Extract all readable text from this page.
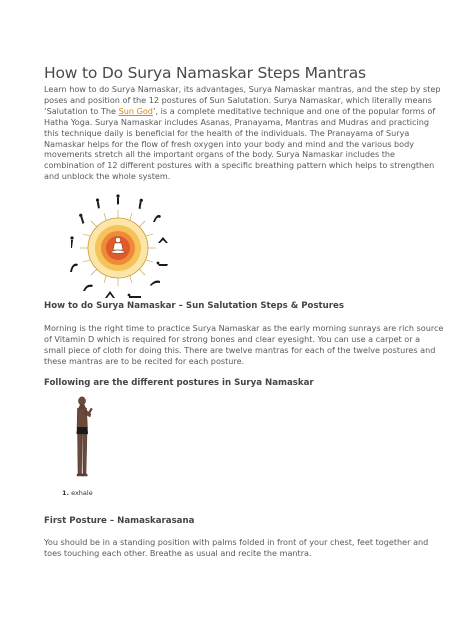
How to Do Surya Namaskar Steps Mantras

Learn how to do Surya Namaskar, its advantages, Surya Namaskar mantras, and the step by step poses and position of the 12 postures of Sun Salutation. Surya Namaskar, which literally means ‘Salutation to The Sun God’, is a complete meditative technique and one of the popular forms of Hatha Yoga. Surya Namaskar includes Asanas, Pranayama, Mantras and Mudras and practicing this technique daily is beneficial for the health of the individuals. The Pranayama of Surya Namaskar helps for the flow of fresh oxygen into your body and mind and the various body movements stretch all the important organs of the body. Surya Namaskar includes the combination of 12 different postures with a specific breathing pattern which helps to strengthen and unblock the whole system.

How to do Surya Namaskar – Sun Salutation Steps & Postures

Morning is the right time to practice Surya Namaskar as the early morning sunrays are rich source of Vitamin D which is required for strong bones and clear eyesight. You can use a carpet or a small piece of cloth for doing this. There are twelve mantras for each of the twelve postures and these mantras are to be recited for each posture.

Following are the different postures in Surya Namaskar
1. exhale
First Posture – Namaskarasana

You should be in a standing position with palms folded in front of your chest, feet together and toes touching each other. Breathe as usual and recite the mantra.
